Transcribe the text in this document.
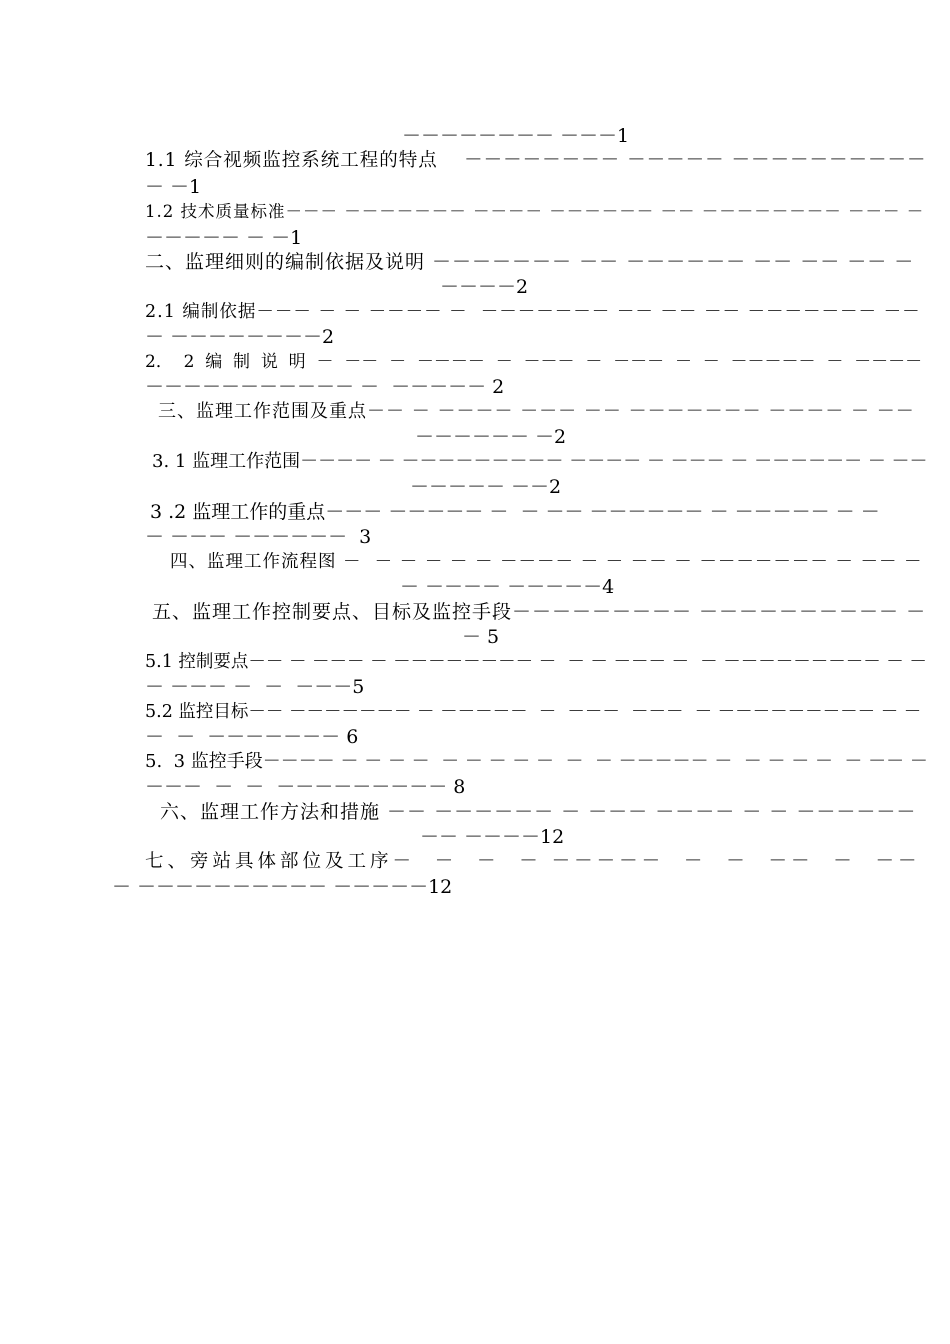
－－－－－－－－ －－－1
1.1 综合视频监控系统工程的特点　 －－－－－－－－ －－－－－ －－－－－－－－－－
－ －1
1.2 技术质量标准－－－ －－－－－－－ －－－－ －－－－－－ －－ －－－－－－－－ －－－ －
－－－－－ － －1
二、监理细则的编制依据及说明 －－－－－－－ －－ －－－－－－ －－ －－ －－ －
－－－－2
2.1 编制依据－－－ － － －－－－ －  －－－－－－－ －－ －－ －－ －－－－－－－ －－
－ －－－－－－－－2
2．  2  编  制  说  明  －  －－  －  －－－－  －  －－－  －  －－－  －  －  －－－－－  －  －－－－
－－－－－－－－－－－ －  －－－－－ 2
三、监理工作范围及重点－－ － －－－－ －－－ －－ －－－－－－－ －－－－ － －－
－－－－－－ －2
3. 1 监理工作范围－－－－ － －－－－－－－－－ －－－－ － －－－ － －－－－－－ － －－
－－－－－ －－2
3 .2 监理工作的重点－－－ －－－－－ －  － －－ －－－－－－ － －－－－－ － －
－ －－－ －－－－－－  3
四、监理工作流程图 －  － － － － － －－－－ － － －－ － －－－－－－－ － －－ －
－ －－－－ －－－－－4
五、监理工作控制要点、目标及监控手段－－－－－－－－－ －－－－－－－－－－ －
－ 5
5.1 控制要点－－ － －－－ － －－－－－－－－ －  － － －－－ －  － －－－－－－－－－ － －
－ －－－ －  －  －－－5
5.2 监控目标－－ －－－－－－－ － －－－－－  －  －－－  －－－  － －－－－－－－－－ － －
－  －  －－－－－－－ 6
5.  3 监控手段－－－－ － － － －  － － － － －  －  － －－－－－ －  － － － －  － －－ －
－－－  －  －  －－－－－－－－－ 8
六、监理工作方法和措施 －－ －－－－－－ － －－－ －－－－ － － －－－－－－
－－ －－－－12
七、旁站具体部位及工序－  －  －  － －－－－－  －  －  －－  －  －－
－ －－－－－－－－－－ －－－－－12
